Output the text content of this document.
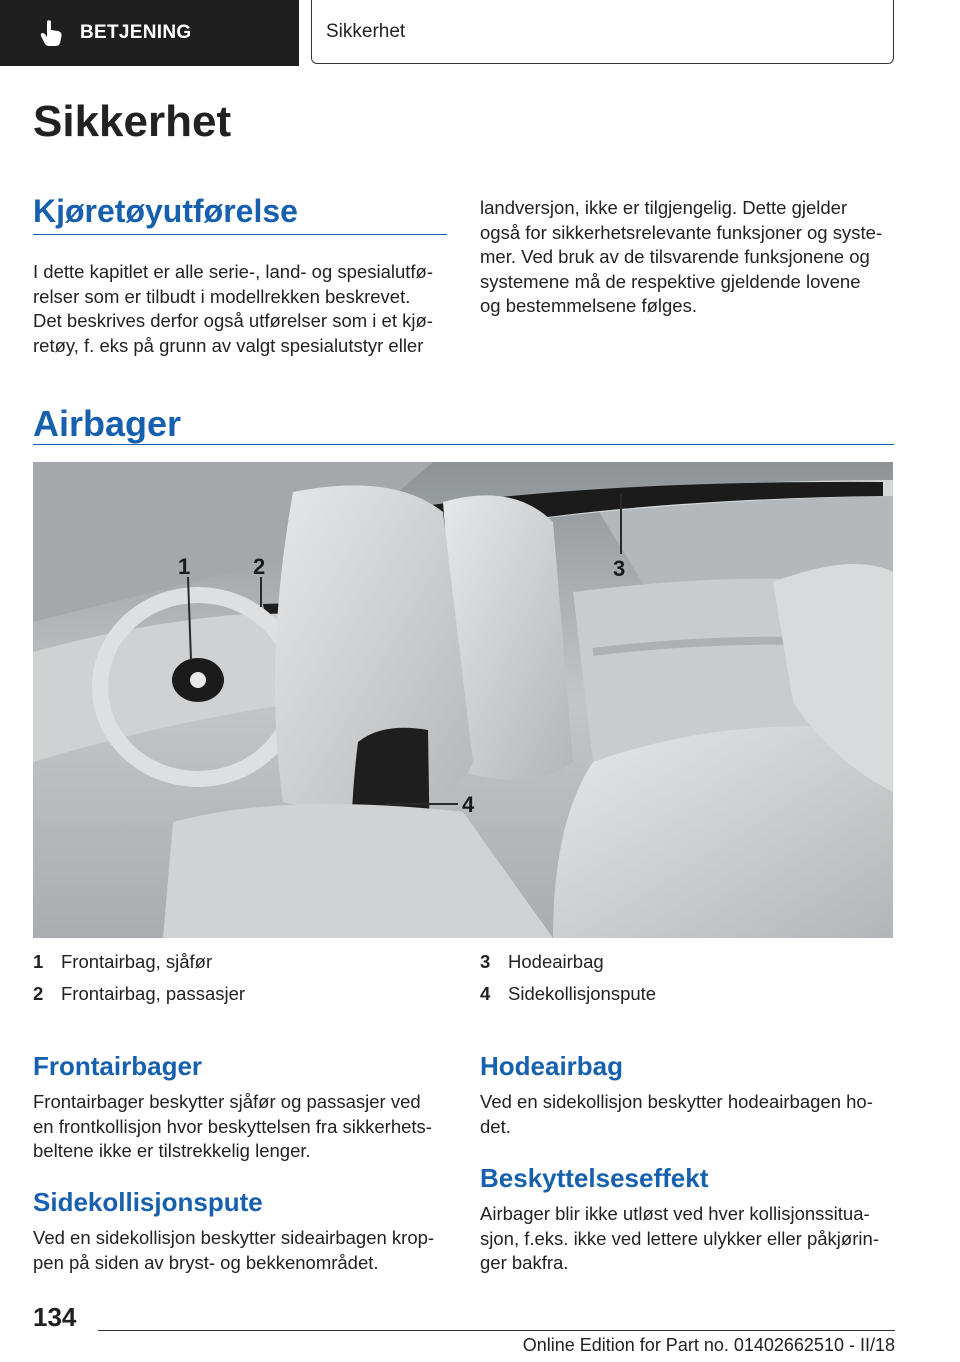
BETJENING	Sikkerhet
Sikkerhet
Kjøretøyutførelse

I dette kapitlet er alle serie-, land- og spesialutfø-
relser som er tilbudt i modellrekken beskrevet.
Det beskrives derfor også utførelser som i et kjø-
retøy, f. eks på grunn av valgt spesialutstyr eller

landversjon, ikke er tilgjengelig. Dette gjelder
også for sikkerhetsrelevante funksjoner og syste-
mer. Ved bruk av de tilsvarende funksjonene og
systemene må de respektive gjeldende lovene
og bestemmelsene følges.

Airbager
1	2	3
4
1 Frontairbag, sjåfør
2 Frontairbag, passasjer
3 Hodeairbag
4 Sidekollisjonspute
Frontairbager

Frontairbager beskytter sjåfør og passasjer ved
en frontkollisjon hvor beskyttelsen fra sikkerhets-
beltene ikke er tilstrekkelig lenger.

Sidekollisjonspute

Ved en sidekollisjon beskytter sideairbagen krop-
pen på siden av bryst- og bekkenområdet.

Hodeairbag

Ved en sidekollisjon beskytter hodeairbagen ho-
det.

Beskyttelseseffekt

Airbager blir ikke utløst ved hver kollisjonssitua-
sjon, f.eks. ikke ved lettere ulykker eller påkjørin-
ger bakfra.

134
Online Edition for Part no. 01402662510 - II/18
